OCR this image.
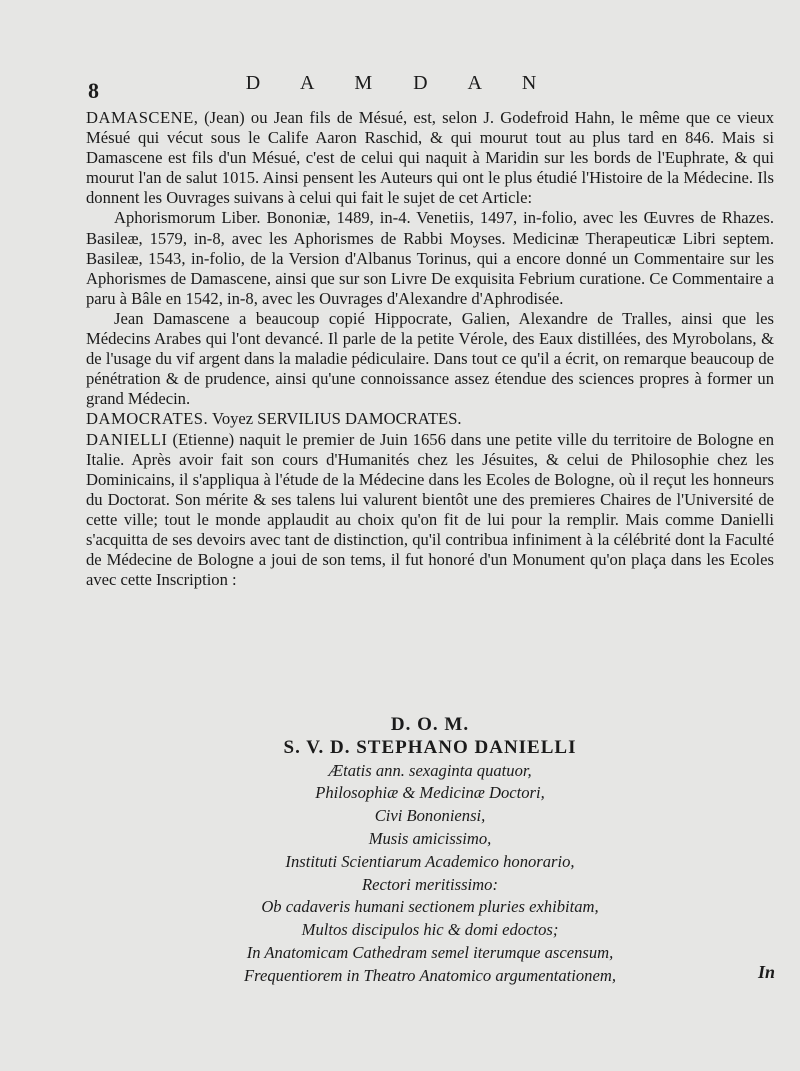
8	D A M D A N

DAMASCENE, (Jean) ou Jean fils de Mésué, est, selon J. Godefroid Hahn, le même que ce vieux Mésué qui vécut sous le Calife Aaron Raschid, & qui mourut tout au plus tard en 846. Mais si Damascene est fils d'un Mésué, c'est de celui qui naquit à Maridin sur les bords de l'Euphrate, & qui mourut l'an de salut 1015. Ainsi pensent les Auteurs qui ont le plus étudié l'Histoire de la Médecine. Ils donnent les Ouvrages suivans à celui qui fait le sujet de cet Article:

Aphorismorum Liber. Bononiæ, 1489, in-4. Venetiis, 1497, in-folio, avec les Œuvres de Rhazes. Basileæ, 1579, in-8, avec les Aphorismes de Rabbi Moyses. Medicinæ Therapeuticæ Libri septem. Basileæ, 1543, in-folio, de la Version d'Albanus Torinus, qui a encore donné un Commentaire sur les Aphorismes de Damascene, ainsi que sur son Livre De exquisita Febrium curatione. Ce Commentaire a paru à Bâle en 1542, in-8, avec les Ouvrages d'Alexandre d'Aphrodisée.

Jean Damascene a beaucoup copié Hippocrate, Galien, Alexandre de Tralles, ainsi que les Médecins Arabes qui l'ont devancé. Il parle de la petite Vérole, des Eaux distillées, des Myrobolans, & de l'usage du vif argent dans la maladie pédiculaire. Dans tout ce qu'il a écrit, on remarque beaucoup de pénétration & de prudence, ainsi qu'une connoissance assez étendue des sciences propres à former un grand Médecin.

DAMOCRATES. Voyez SERVILIUS DAMOCRATES.

DANIELLI (Etienne) naquit le premier de Juin 1656 dans une petite ville du territoire de Bologne en Italie. Après avoir fait son cours d'Humanités chez les Jésuites, & celui de Philosophie chez les Dominicains, il s'appliqua à l'étude de la Médecine dans les Ecoles de Bologne, où il reçut les honneurs du Doctorat. Son mérite & ses talens lui valurent bientôt une des premieres Chaires de l'Université de cette ville; tout le monde applaudit au choix qu'on fit de lui pour la remplir. Mais comme Danielli s'acquitta de ses devoirs avec tant de distinction, qu'il contribua infiniment à la célébrité dont la Faculté de Médecine de Bologne a joui de son tems, il fut honoré d'un Monument qu'on plaça dans les Ecoles avec cette Inscription :

D. O. M.
S. V. D. STEPHANO DANIELLI
Ætatis ann. sexaginta quatuor,
Philosophiæ & Medicinæ Doctori,
Civi Bononiensi,
Musis amicissimo,
Instituti Scientiarum Academico honorario,
Rectori meritissimo:
Ob cadaveris humani sectionem pluries exhibitam,
Multos discipulos hic & domi edoctos;
In Anatomicam Cathedram semel iterumque ascensum,
Frequentiorem in Theatro Anatomico argumentationem,	In
